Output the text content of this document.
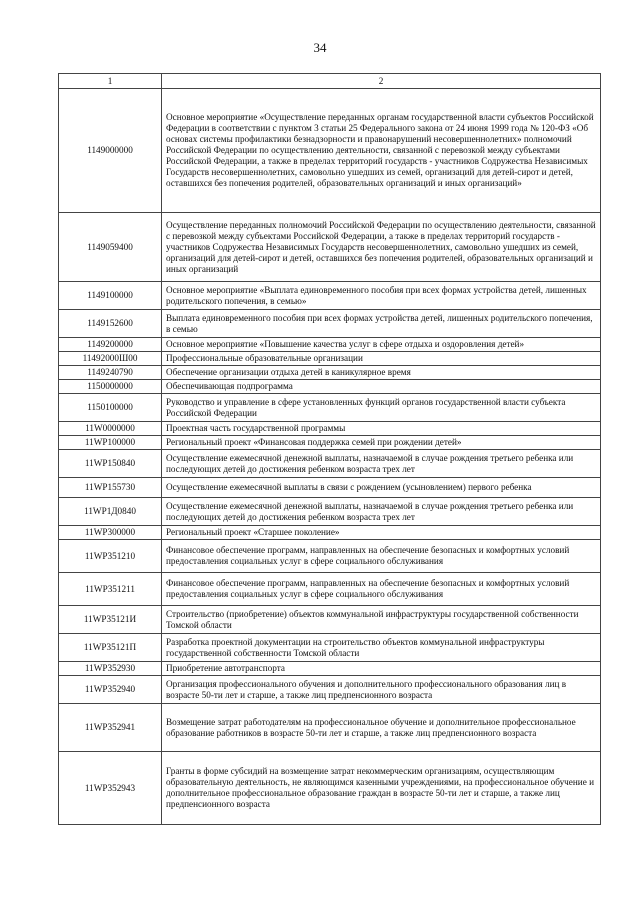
34
1	2
1149000000	Основное мероприятие «Осуществление переданных органам государственной власти субъектов Российской Федерации в соответствии с пунктом 3 статьи 25 Федерального закона от 24 июня 1999 года № 120-ФЗ «Об основах системы профилактики безнадзорности и правонарушений несовершеннолетних» полномочий Российской Федерации по осуществлению деятельности, связанной с перевозкой между субъектами Российской Федерации, а также в пределах территорий государств - участников Содружества Независимых Государств несовершеннолетних, самовольно ушедших из семей, организаций для детей-сирот и детей, оставшихся без попечения родителей, образовательных организаций и иных организаций»
1149059400	Осуществление переданных полномочий Российской Федерации по осуществлению деятельности, связанной с перевозкой между субъектами Российской Федерации, а также в пределах территорий государств - участников Содружества Независимых Государств несовершеннолетних, самовольно ушедших из семей, организаций для детей-сирот и детей, оставшихся без попечения родителей, образовательных организаций и иных организаций
1149100000	Основное мероприятие «Выплата единовременного пособия при всех формах устройства детей, лишенных родительского попечения, в семью»
1149152600	Выплата единовременного пособия при всех формах устройства детей, лишенных родительского попечения, в семью
1149200000	Основное мероприятие «Повышение качества услуг в сфере отдыха и оздоровления детей»
11492000Ш00	Профессиональные образовательные организации
1149240790	Обеспечение организации отдыха детей в каникулярное время
1150000000	Обеспечивающая подпрограмма
1150100000	Руководство и управление в сфере установленных функций органов государственной власти субъекта Российской Федерации
11W0000000	Проектная часть государственной программы
11WP100000	Региональный проект «Финансовая поддержка семей при рождении детей»
11WP150840	Осуществление ежемесячной денежной выплаты, назначаемой в случае рождения третьего ребенка или последующих детей до достижения ребенком возраста трех лет
11WP155730	Осуществление ежемесячной выплаты в связи с рождением (усыновлением) первого ребенка
11WP1Д0840	Осуществление ежемесячной денежной выплаты, назначаемой в случае рождения третьего ребенка или последующих детей до достижения ребенком возраста трех лет
11WP300000	Региональный проект «Старшее поколение»
11WP351210	Финансовое обеспечение программ, направленных на обеспечение безопасных и комфортных условий предоставления социальных услуг в сфере социального обслуживания
11WP351211	Финансовое обеспечение программ, направленных на обеспечение безопасных и комфортных условий предоставления социальных услуг в сфере социального обслуживания
11WP35121И	Строительство (приобретение) объектов коммунальной инфраструктуры государственной собственности Томской области
11WP35121П	Разработка проектной документации на строительство объектов коммунальной инфраструктуры государственной собственности Томской области
11WP352930	Приобретение автотранспорта
11WP352940	Организация профессионального обучения и дополнительного профессионального образования лиц в возрасте 50-ти лет и старше, а также лиц предпенсионного возраста
11WP352941	Возмещение затрат работодателям на профессиональное обучение и дополнительное профессиональное образование работников в возрасте 50-ти лет и старше, а также лиц предпенсионного возраста
11WP352943	Гранты в форме субсидий на возмещение затрат некоммерческим организациям, осуществляющим образовательную деятельность, не являющимся казенными учреждениями, на профессиональное обучение и дополнительное профессиональное образование граждан в возрасте 50-ти лет и старше, а также лиц предпенсионного возраста
